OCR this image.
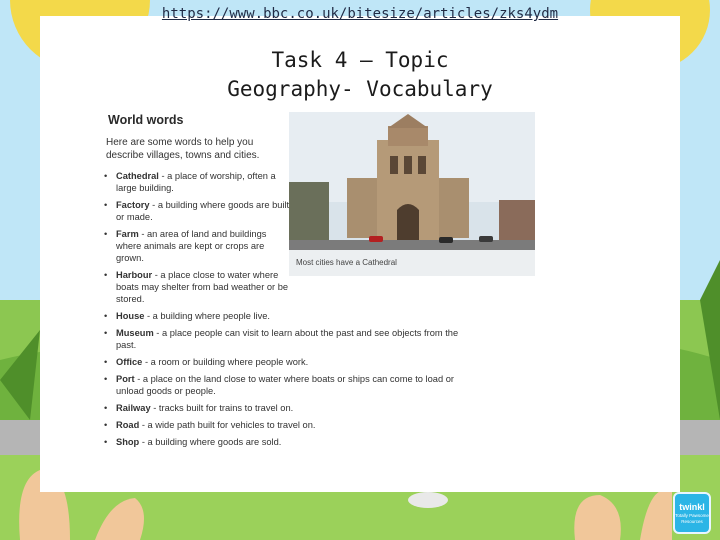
https://www.bbc.co.uk/bitesize/articles/zks4ydm
Task 4 – Topic
Geography- Vocabulary
World words
Here are some words to help you describe villages, towns and cities.
• Cathedral - a place of worship, often a large building.
• Factory - a building where goods are built or made.
• Farm - an area of land and buildings where animals are kept or crops are grown.
• Harbour - a place close to water where boats may shelter from bad weather or be stored.
• House - a building where people live.
• Museum - a place people can visit to learn about the past and see objects from the past.
• Office - a room or building where people work.
• Port - a place on the land close to water where boats or ships can come to load or unload goods or people.
• Railway - tracks built for trains to travel on.
• Road - a wide path built for vehicles to travel on.
• Shop - a building where goods are sold.
Most cities have a Cathedral
twinkl
Totally Pawsome Resources
